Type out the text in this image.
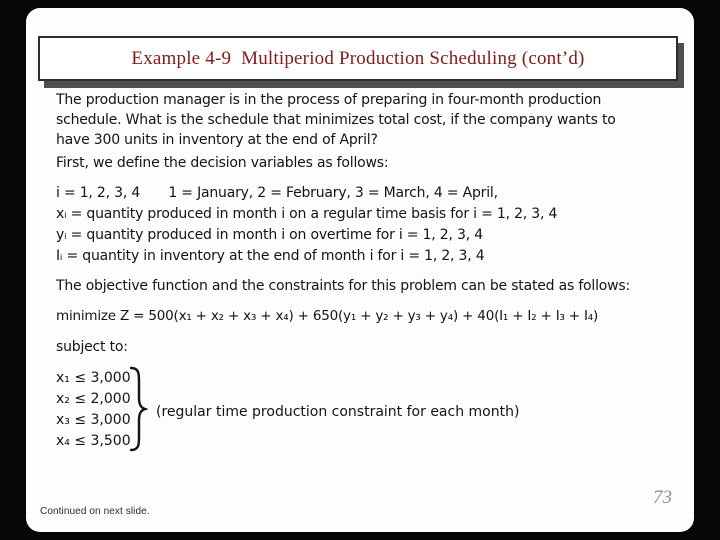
Example 4-9  Multiperiod Production Scheduling (cont’d)

The production manager is in the process of preparing in four-month production schedule. What is the schedule that minimizes total cost, if the company wants to have 300 units in inventory at the end of April?

First, we define the decision variables as follows:

i = 1, 2, 3, 4 1 = January, 2 = February, 3 = March, 4 = April,

xᵢ = quantity produced in month i on a regular time basis for i = 1, 2, 3, 4

yᵢ = quantity produced in month i on overtime for i = 1, 2, 3, 4

Iᵢ = quantity in inventory at the end of month i for i = 1, 2, 3, 4

The objective function and the constraints for this problem can be stated as follows:

minimize Z = 500(x₁ + x₂ + x₃ + x₄) + 650(y₁ + y₂ + y₃ + y₄) + 40(I₁ + I₂ + I₃ + I₄)

subject to:

x₁ ≤ 3,000

x₂ ≤ 2,000

x₃ ≤ 3,000

x₄ ≤ 3,500

(regular time production constraint for each month)

Continued on next slide.
73
